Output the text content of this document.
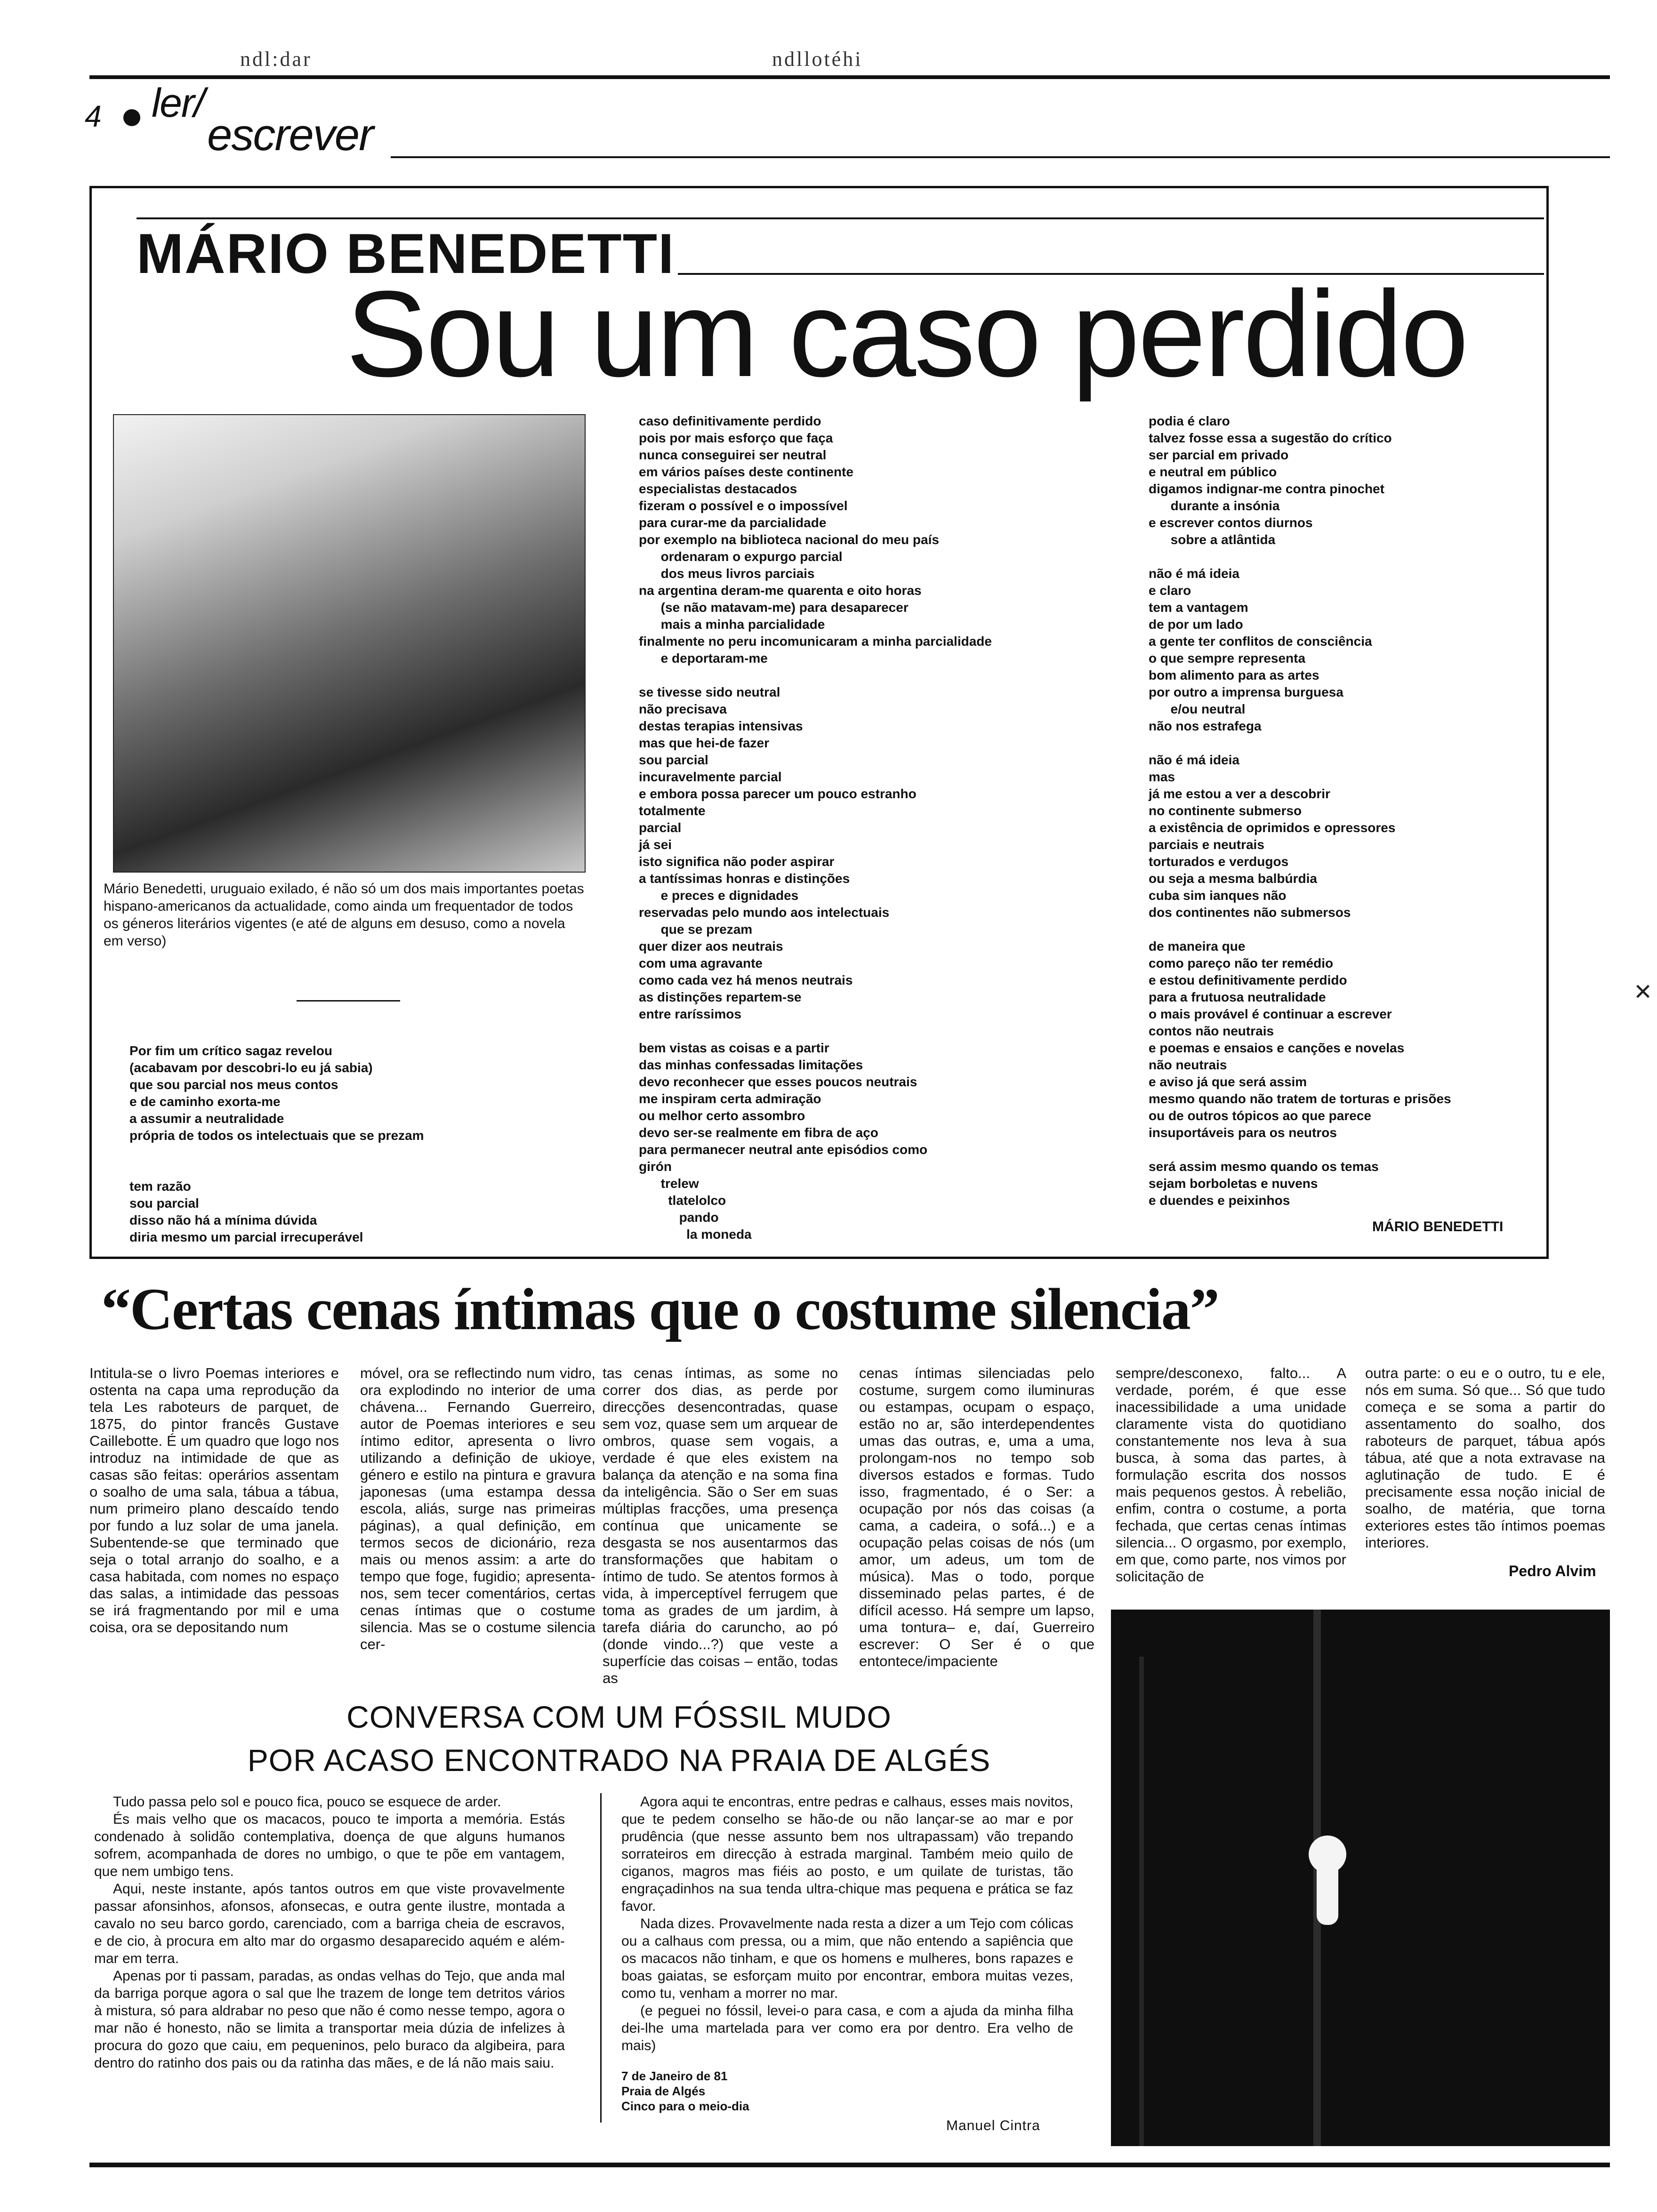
ndl:dar	ndllotéhi
4 ler/
escrever
MÁRIO BENEDETTI
Sou um caso perdido
Mário Benedetti, uruguaio exilado, é não só um dos mais importantes poetas hispano-americanos da actualidade, como ainda um frequentador de todos os géneros literários vigentes (e até de alguns em desuso, como a novela em verso)
Por fim um crítico sagaz revelou
(acabavam por descobri-lo eu já sabia)
que sou parcial nos meus contos
e de caminho exorta-me
a assumir a neutralidade
própria de todos os intelectuais que se prezam

tem razão
sou parcial
disso não há a mínima dúvida
diria mesmo um parcial irrecuperável
caso definitivamente perdido
pois por mais esforço que faça
nunca conseguirei ser neutral
em vários países deste continente
especialistas destacados
fizeram o possível e o impossível
para curar-me da parcialidade
por exemplo na biblioteca nacional do meu país
ordenaram o expurgo parcial
dos meus livros parciais
na argentina deram-me quarenta e oito horas
(se não matavam-me) para desaparecer
mais a minha parcialidade
finalmente no peru incomunicaram a minha parcialidade
e deportaram-me

se tivesse sido neutral
não precisava
destas terapias intensivas
mas que hei-de fazer
sou parcial
incuravelmente parcial
e embora possa parecer um pouco estranho
totalmente
parcial
já sei
isto significa não poder aspirar
a tantíssimas honras e distinções
e preces e dignidades
reservadas pelo mundo aos intelectuais
que se prezam
quer dizer aos neutrais
com uma agravante
como cada vez há menos neutrais
as distinções repartem-se
entre raríssimos

bem vistas as coisas e a partir
das minhas confessadas limitações
devo reconhecer que esses poucos neutrais
me inspiram certa admiração
ou melhor certo assombro
devo ser-se realmente em fibra de aço
para permanecer neutral ante episódios como
girón
trelew
tlatelolco
pando
la moneda
podia é claro
talvez fosse essa a sugestão do crítico
ser parcial em privado
e neutral em público
digamos indignar-me contra pinochet
durante a insónia
e escrever contos diurnos
sobre a atlântida

não é má ideia
e claro
tem a vantagem
de por um lado
a gente ter conflitos de consciência
o que sempre representa
bom alimento para as artes
por outro a imprensa burguesa
e/ou neutral
não nos estrafega

não é má ideia
mas
já me estou a ver a descobrir
no continente submerso
a existência de oprimidos e opressores
parciais e neutrais
torturados e verdugos
ou seja a mesma balbúrdia
cuba sim ianques não
dos continentes não submersos

de maneira que
como pareço não ter remédio
e estou definitivamente perdido
para a frutuosa neutralidade
o mais provável é continuar a escrever
contos não neutrais
e poemas e ensaios e canções e novelas
não neutrais
e aviso já que será assim
mesmo quando não tratem de torturas e prisões
ou de outros tópicos ao que parece
insuportáveis para os neutros

será assim mesmo quando os temas
sejam borboletas e nuvens
e duendes e peixinhos
MÁRIO BENEDETTI
“Certas cenas íntimas que o costume silencia”
Intitula-se o livro Poemas interiores e ostenta na capa uma reprodução da tela Les raboteurs de parquet, de 1875, do pintor francês Gustave Caillebotte. É um quadro que logo nos introduz na intimidade de que as casas são feitas: operários assentam o soalho de uma sala, tábua a tábua, num primeiro plano descaído tendo por fundo a luz solar de uma janela. Subentende-se que terminado que seja o total arranjo do soalho, e a casa habitada, com nomes no espaço das salas, a intimidade das pessoas se irá fragmentando por mil e uma coisa, ora se depositando num
móvel, ora se reflectindo num vidro, ora explodindo no interior de uma chávena... Fernando Guerreiro, autor de Poemas interiores e seu íntimo editor, apresenta o livro utilizando a definição de ukioye, género e estilo na pintura e gravura japonesas (uma estampa dessa escola, aliás, surge nas primeiras páginas), a qual definição, em termos secos de dicionário, reza mais ou menos assim: a arte do tempo que foge, fugidio; apresenta-nos, sem tecer comentários, certas cenas íntimas que o costume silencia. Mas se o costume silencia cer-
tas cenas íntimas, as some no correr dos dias, as perde por direcções desencontradas, quase sem voz, quase sem um arquear de ombros, quase sem vogais, a verdade é que eles existem na balança da atenção e na soma fina da inteligência. São o Ser em suas múltiplas fracções, uma presença contínua que unicamente se desgasta se nos ausentarmos das transformações que habitam o íntimo de tudo. Se atentos formos à vida, à imperceptível ferrugem que toma as grades de um jardim, à tarefa diária do caruncho, ao pó (donde vindo...?) que veste a superfície das coisas – então, todas as
cenas íntimas silenciadas pelo costume, surgem como iluminuras ou estampas, ocupam o espaço, estão no ar, são interdependentes umas das outras, e, uma a uma, prolongam-nos no tempo sob diversos estados e formas. Tudo isso, fragmentado, é o Ser: a ocupação por nós das coisas (a cama, a cadeira, o sofá...) e a ocupação pelas coisas de nós (um amor, um adeus, um tom de música). Mas o todo, porque disseminado pelas partes, é de difícil acesso. Há sempre um lapso, uma tontura– e, daí, Guerreiro escrever: O Ser é o que entontece/impaciente
sempre/desconexo, falto... A verdade, porém, é que esse inacessibilidade a uma unidade claramente vista do quotidiano constantemente nos leva à sua busca, à soma das partes, à formulação escrita dos nossos mais pequenos gestos. À rebelião, enfim, contra o costume, a porta fechada, que certas cenas íntimas silencia... O orgasmo, por exemplo, em que, como parte, nos vimos por solicitação de
outra parte: o eu e o outro, tu e ele, nós em suma. Só que... Só que tudo começa e se soma a partir do assentamento do soalho, dos raboteurs de parquet, tábua após tábua, até que a nota extravase na aglutinação de tudo. E é precisamente essa noção inicial de soalho, de matéria, que torna exteriores estes tão íntimos poemas interiores.
Pedro Alvim
CONVERSA COM UM FÓSSIL MUDO
POR ACASO ENCONTRADO NA PRAIA DE ALGÉS

Tudo passa pelo sol e pouco fica, pouco se esquece de arder.

És mais velho que os macacos, pouco te importa a memória. Estás condenado à solidão contemplativa, doença de que alguns humanos sofrem, acompanhada de dores no umbigo, o que te põe em vantagem, que nem umbigo tens.

Aqui, neste instante, após tantos outros em que viste provavelmente passar afonsinhos, afonsos, afonsecas, e outra gente ilustre, montada a cavalo no seu barco gordo, carenciado, com a barriga cheia de escravos, e de cio, à procura em alto mar do orgasmo desaparecido aquém e além-mar em terra.

Apenas por ti passam, paradas, as ondas velhas do Tejo, que anda mal da barriga porque agora o sal que lhe trazem de longe tem detritos vários à mistura, só para aldrabar no peso que não é como nesse tempo, agora o mar não é honesto, não se limita a transportar meia dúzia de infelizes à procura do gozo que caiu, em pequeninos, pelo buraco da algibeira, para dentro do ratinho dos pais ou da ratinha das mães, e de lá não mais saiu.

Agora aqui te encontras, entre pedras e calhaus, esses mais novitos, que te pedem conselho se hão-de ou não lançar-se ao mar e por prudência (que nesse assunto bem nos ultrapassam) vão trepando sorrateiros em direcção à estrada marginal. Também meio quilo de ciganos, magros mas fiéis ao posto, e um quilate de turistas, tão engraçadinhos na sua tenda ultra-chique mas pequena e prática se faz favor.

Nada dizes. Provavelmente nada resta a dizer a um Tejo com cólicas ou a calhaus com pressa, ou a mim, que não entendo a sapiência que os macacos não tinham, e que os homens e mulheres, bons rapazes e boas gaiatas, se esforçam muito por encontrar, embora muitas vezes, como tu, venham a morrer no mar.

(e peguei no fóssil, levei-o para casa, e com a ajuda da minha filha dei-lhe uma martelada para ver como era por dentro. Era velho de mais)

7 de Janeiro de 81
Praia de Algés
Cinco para o meio-dia
Manuel Cintra
✕
